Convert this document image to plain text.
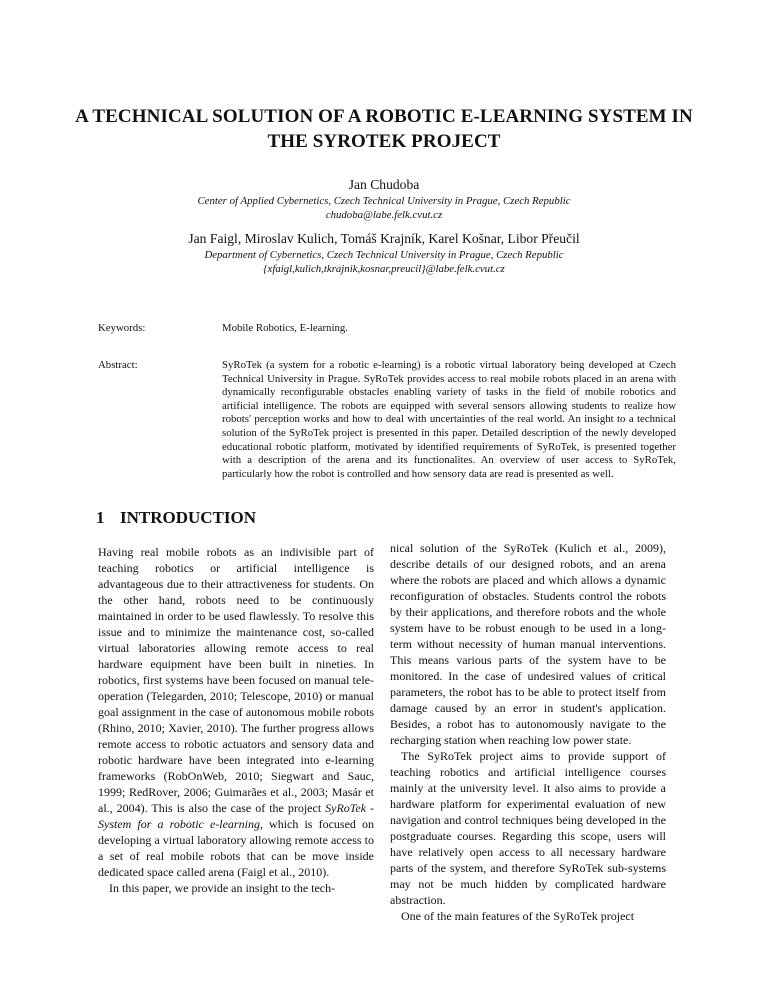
A TECHNICAL SOLUTION OF A ROBOTIC E-LEARNING SYSTEM IN THE SYROTEK PROJECT

Jan Chudoba

Center of Applied Cybernetics, Czech Technical University in Prague, Czech Republic

chudoba@labe.felk.cvut.cz

Jan Faigl, Miroslav Kulich, Tomáš Krajník, Karel Košnar, Libor Přeučil

Department of Cybernetics, Czech Technical University in Prague, Czech Republic

{xfaigl,kulich,tkrajnik,kosnar,preucil}@labe.felk.cvut.cz

Keywords:	Mobile Robotics, E-learning.

Abstract:	SyRoTek (a system for a robotic e-learning) is a robotic virtual laboratory being developed at Czech Technical University in Prague. SyRoTek provides access to real mobile robots placed in an arena with dynamically reconfigurable obstacles enabling variety of tasks in the field of mobile robotics and artificial intelligence. The robots are equipped with several sensors allowing students to realize how robots' perception works and how to deal with uncertainties of the real world. An insight to a technical solution of the SyRoTek project is presented in this paper. Detailed description of the newly developed educational robotic platform, motivated by identified requirements of SyRoTek, is presented together with a description of the arena and its functionalites. An overview of user access to SyRoTek, particularly how the robot is controlled and how sensory data are read is presented as well.

1 INTRODUCTION

Having real mobile robots as an indivisible part of teaching robotics or artificial intelligence is advantageous due to their attractiveness for students. On the other hand, robots need to be continuously maintained in order to be used flawlessly. To resolve this issue and to minimize the maintenance cost, so-called virtual laboratories allowing remote access to real hardware equipment have been built in nineties. In robotics, first systems have been focused on manual tele-operation (Telegarden, 2010; Telescope, 2010) or manual goal assignment in the case of autonomous mobile robots (Rhino, 2010; Xavier, 2010). The further progress allows remote access to robotic actuators and sensory data and robotic hardware have been integrated into e-learning frameworks (RobOnWeb, 2010; Siegwart and Sauc, 1999; RedRover, 2006; Guimarães et al., 2003; Masár et al., 2004). This is also the case of the project SyRoTek - System for a robotic e-learning, which is focused on developing a virtual laboratory allowing remote access to a set of real mobile robots that can be move inside dedicated space called arena (Faigl et al., 2010).

In this paper, we provide an insight to the tech-

nical solution of the SyRoTek (Kulich et al., 2009), describe details of our designed robots, and an arena where the robots are placed and which allows a dynamic reconfiguration of obstacles. Students control the robots by their applications, and therefore robots and the whole system have to be robust enough to be used in a long-term without necessity of human manual interventions. This means various parts of the system have to be monitored. In the case of undesired values of critical parameters, the robot has to be able to protect itself from damage caused by an error in student's application. Besides, a robot has to autonomously navigate to the recharging station when reaching low power state.

The SyRoTek project aims to provide support of teaching robotics and artificial intelligence courses mainly at the university level. It also aims to provide a hardware platform for experimental evaluation of new navigation and control techniques being developed in the postgraduate courses. Regarding this scope, users will have relatively open access to all necessary hardware parts of the system, and therefore SyRoTek sub-systems may not be much hidden by complicated hardware abstraction.

One of the main features of the SyRoTek project
